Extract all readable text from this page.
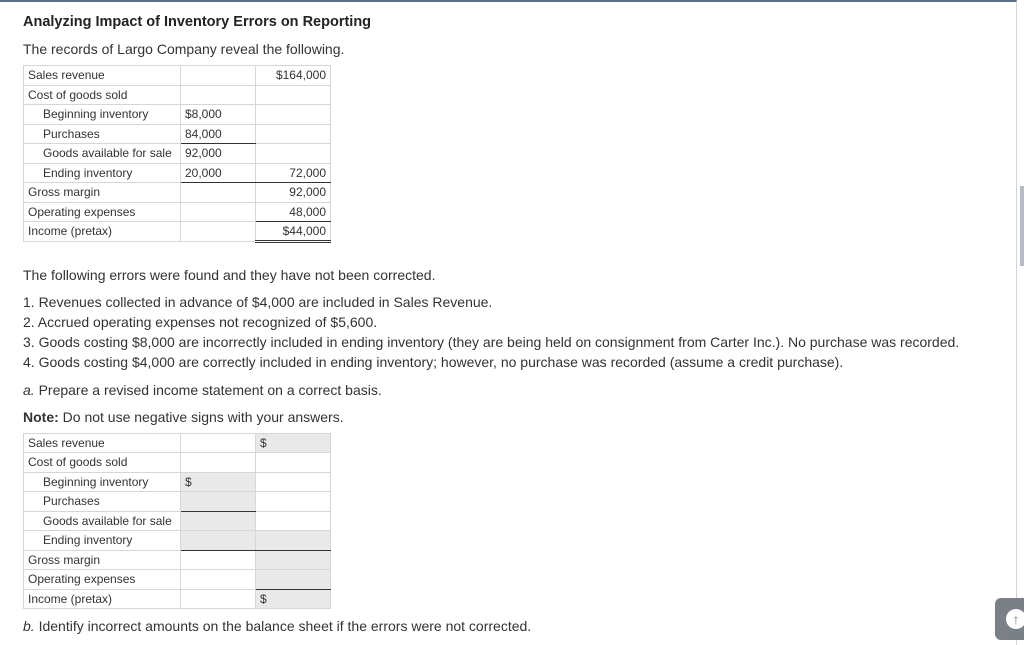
Analyzing Impact of Inventory Errors on Reporting

The records of Largo Company reveal the following.

Sales revenue		$164,000
Cost of goods sold		
Beginning inventory	$8,000	
Purchases	84,000	
Goods available for sale	92,000	
Ending inventory	20,000	72,000
Gross margin		92,000
Operating expenses		48,000
Income (pretax)		$44,000

The following errors were found and they have not been corrected.

1. Revenues collected in advance of $4,000 are included in Sales Revenue.

2. Accrued operating expenses not recognized of $5,600.

3. Goods costing $8,000 are incorrectly included in ending inventory (they are being held on consignment from Carter Inc.). No purchase was recorded.

4. Goods costing $4,000 are correctly included in ending inventory; however, no purchase was recorded (assume a credit purchase).

a. Prepare a revised income statement on a correct basis.

Note: Do not use negative signs with your answers.

Sales revenue		$
Cost of goods sold		
Beginning inventory	$	
Purchases		
Goods available for sale		
Ending inventory		
Gross margin		
Operating expenses		
Income (pretax)		$

b. Identify incorrect amounts on the balance sheet if the errors were not corrected.	↑
